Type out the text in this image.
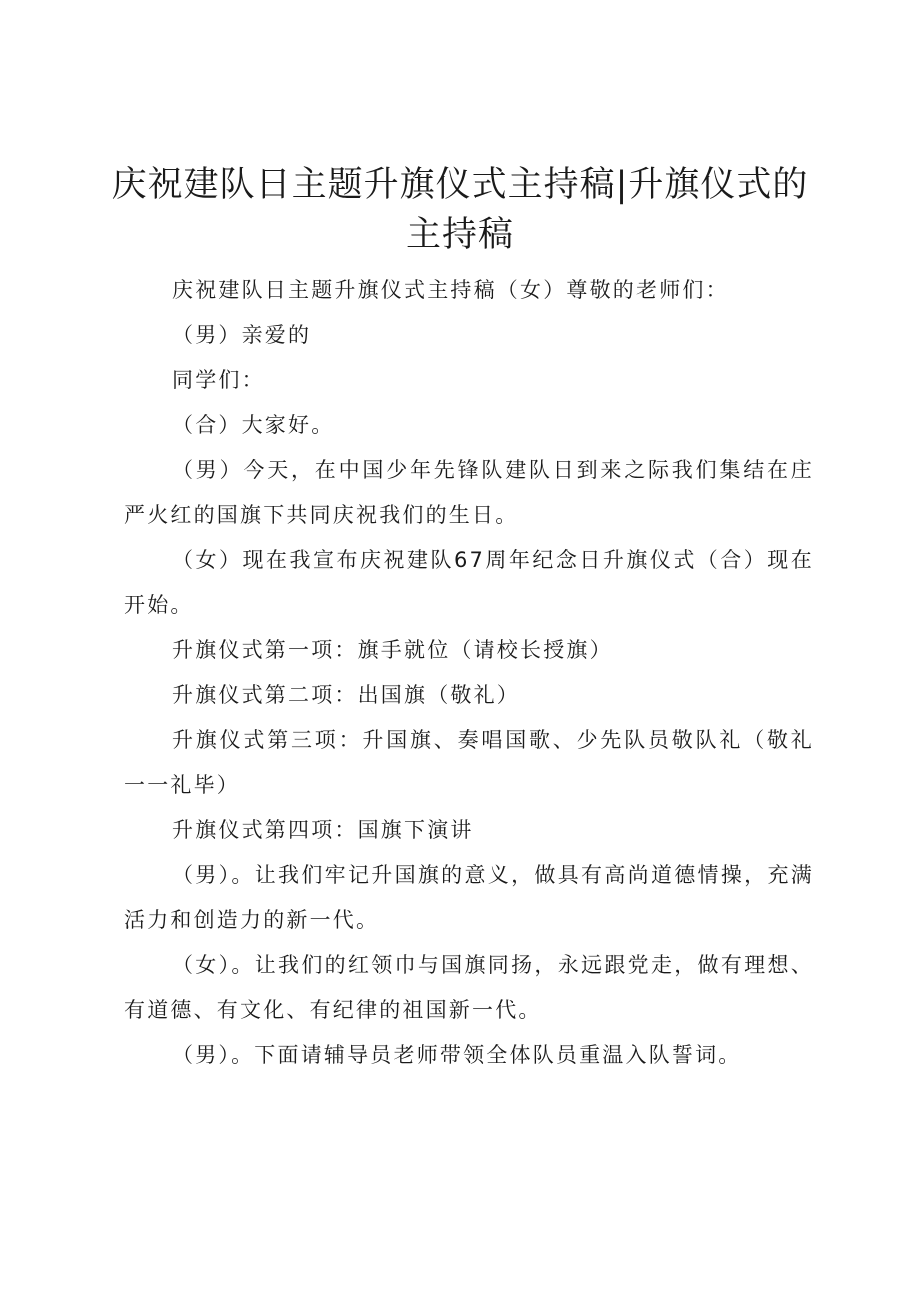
庆祝建队日主题升旗仪式主持稿|升旗仪式的主持稿

庆祝建队日主题升旗仪式主持稿（女）尊敬的老师们：

（男）亲爱的

同学们：

（合）大家好。

（男）今天，在中国少年先锋队建队日到来之际我们集结在庄严火红的国旗下共同庆祝我们的生日。

（女）现在我宣布庆祝建队67周年纪念日升旗仪式（合）现在开始。

升旗仪式第一项：旗手就位（请校长授旗）

升旗仪式第二项：出国旗（敬礼）

升旗仪式第三项：升国旗、奏唱国歌、少先队员敬队礼（敬礼一一礼毕）

升旗仪式第四项：国旗下演讲

（男）。让我们牢记升国旗的意义，做具有高尚道德情操，充满活力和创造力的新一代。

（女）。让我们的红领巾与国旗同扬，永远跟党走，做有理想、有道德、有文化、有纪律的祖国新一代。

（男）。下面请辅导员老师带领全体队员重温入队誓词。
